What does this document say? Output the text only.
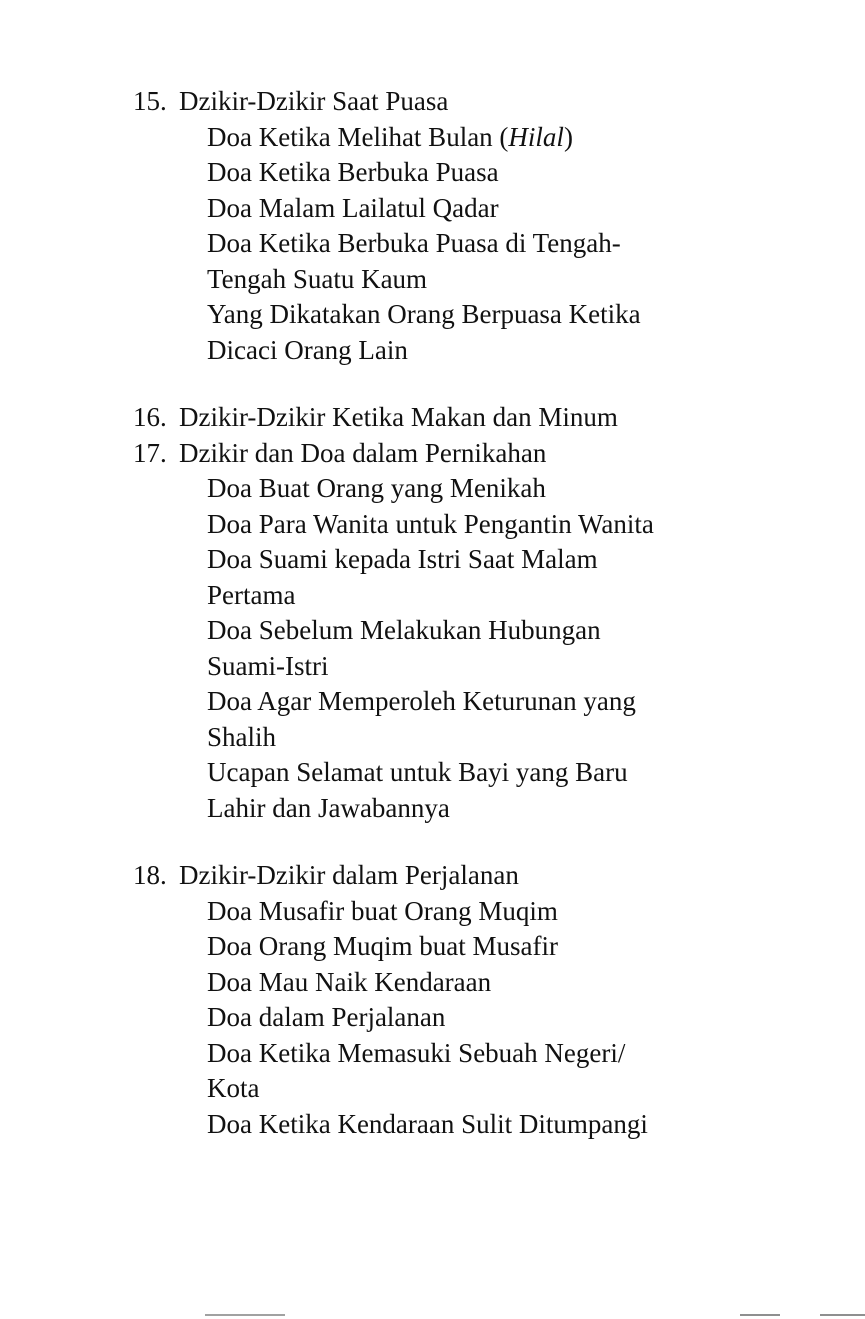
15. Dzikir-Dzikir Saat Puasa
Doa Ketika Melihat Bulan (Hilal)
Doa Ketika Berbuka Puasa
Doa Malam Lailatul Qadar
Doa Ketika Berbuka Puasa di Tengah-
Tengah Suatu Kaum
Yang Dikatakan Orang Berpuasa Ketika
Dicaci Orang Lain
16. Dzikir-Dzikir Ketika Makan dan Minum
17. Dzikir dan Doa dalam Pernikahan
Doa Buat Orang yang Menikah
Doa Para Wanita untuk Pengantin Wanita
Doa Suami kepada Istri Saat Malam
Pertama
Doa Sebelum Melakukan Hubungan
Suami-Istri
Doa Agar Memperoleh Keturunan yang
Shalih
Ucapan Selamat untuk Bayi yang Baru
Lahir dan Jawabannya
18. Dzikir-Dzikir dalam Perjalanan
Doa Musafir buat Orang Muqim
Doa Orang Muqim buat Musafir
Doa Mau Naik Kendaraan
Doa dalam Perjalanan
Doa Ketika Memasuki Sebuah Negeri/
Kota
Doa Ketika Kendaraan Sulit Ditumpangi
